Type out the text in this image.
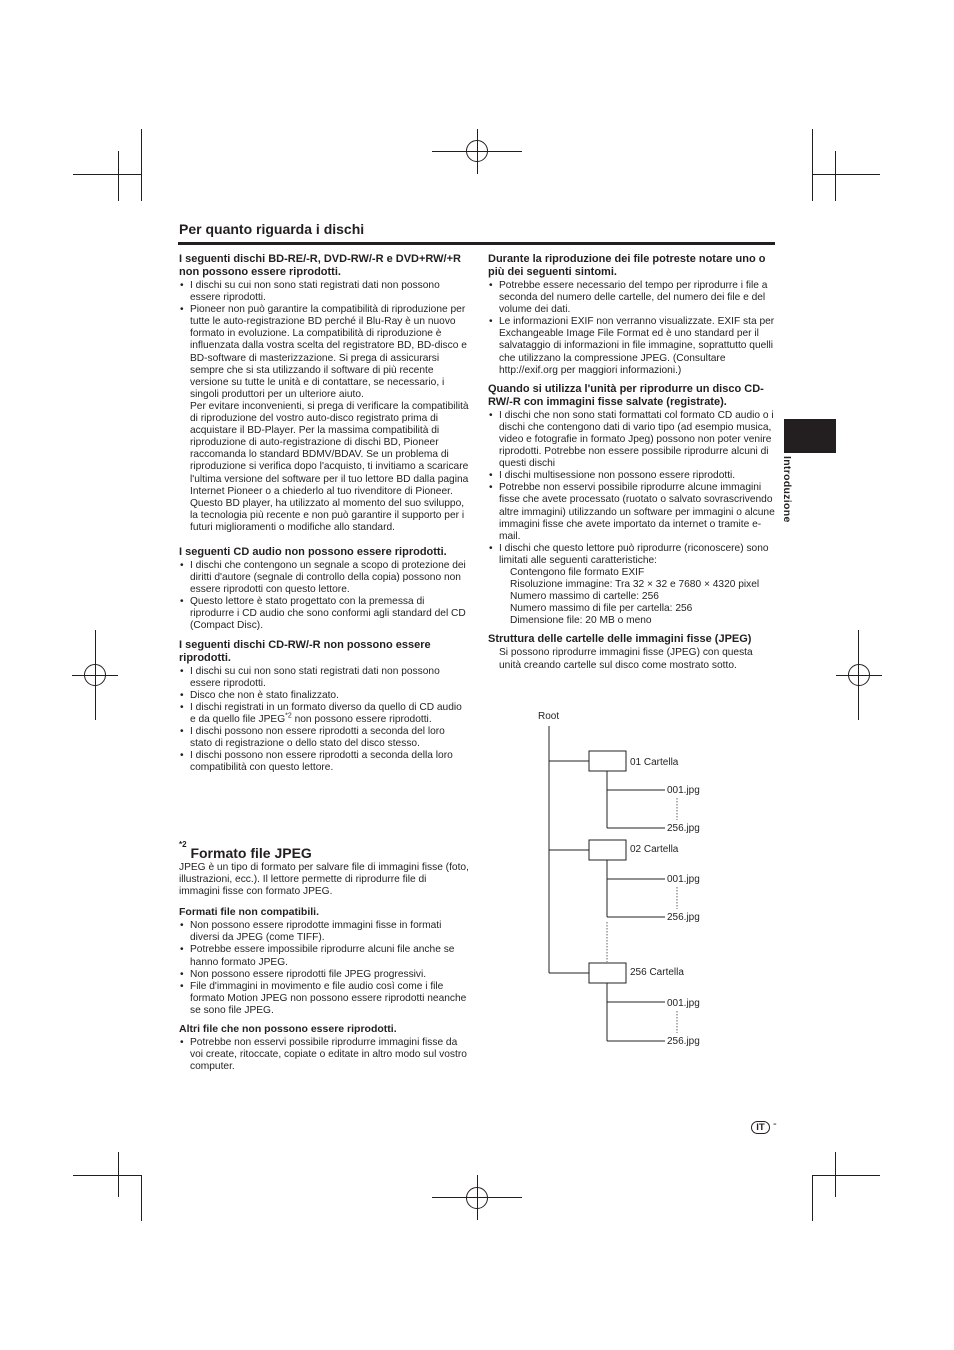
Per quanto riguarda i dischi
Introduzione
I seguenti dischi BD-RE/-R, DVD-RW/-R e DVD+RW/+R non possono essere riprodotti.
• I dischi su cui non sono stati registrati dati non possono essere riprodotti.

• Pioneer non può garantire la compatibilità di riproduzione per tutte le auto-registrazione BD perché il Blu-Ray è un nuovo formato in evoluzione. La compatibilità di riproduzione è influenzata dalla vostra scelta del registratore BD, BD-disco e BD-software di masterizzazione. Si prega di assicurarsi sempre che si sta utilizzando il software di più recente versione su tutte le unità e di contattare, se necessario, i singoli produttori per un ulteriore aiuto.

Per evitare inconvenienti, si prega di verificare la compatibilità di riproduzione del vostro auto-disco registrato prima di acquistare il BD-Player. Per la massima compatibilità di riproduzione di auto-registrazione di dischi BD, Pioneer raccomanda lo standard BDMV/BDAV. Se un problema di riproduzione si verifica dopo l'acquisto, ti invitiamo a scaricare l'ultima versione del software per il tuo lettore BD dalla pagina Internet Pioneer o a chiederlo al tuo rivenditore di Pioneer.

Questo BD player, ha utilizzato al momento del suo sviluppo, la tecnologia più recente e non può garantire il supporto per i futuri miglioramenti o modifiche allo standard.

I seguenti CD audio non possono essere riprodotti.
• I dischi che contengono un segnale a scopo di protezione dei diritti d'autore (segnale di controllo della copia) possono non essere riprodotti con questo lettore.
• Questo lettore è stato progettato con la premessa di riprodurre i CD audio che sono conformi agli standard del CD (Compact Disc).
I seguenti dischi CD-RW/-R non possono essere riprodotti.
• I dischi su cui non sono stati registrati dati non possono essere riprodotti.
• Disco che non è stato finalizzato.
• I dischi registrati in un formato diverso da quello di CD audio e da quello file JPEG$^{*2}$ non possono essere riprodotti.
• I dischi possono non essere riprodotti a seconda del loro stato di registrazione o dello stato del disco stesso.
• I dischi possono non essere riprodotti a seconda della loro compatibilità con questo lettore.
$^{*2}$ Formato file JPEG

JPEG è un tipo di formato per salvare file di immagini fisse (foto, illustrazioni, ecc.). Il lettore permette di riprodurre file di immagini fisse con formato JPEG.

Formati file non compatibili.
• Non possono essere riprodotte immagini fisse in formati diversi da JPEG (come TIFF).
• Potrebbe essere impossibile riprodurre alcuni file anche se hanno formato JPEG.
• Non possono essere riprodotti file JPEG progressivi.
• File d'immagini in movimento e file audio così come i file formato Motion JPEG non possono essere riprodotti neanche se sono file JPEG.
Altri file che non possono essere riprodotti.
• Potrebbe non esservi possibile riprodurre immagini fisse da voi create, ritoccate, copiate o editate in altro modo sul vostro computer.
Durante la riproduzione dei file potreste notare uno o più dei seguenti sintomi.
• Potrebbe essere necessario del tempo per riprodurre i file a seconda del numero delle cartelle, del numero dei file e del volume dei dati.
• Le informazioni EXIF non verranno visualizzate. EXIF sta per Exchangeable Image File Format ed è uno standard per il salvataggio di informazioni in file immagine, soprattutto quelli che utilizzano la compressione JPEG. (Consultare http://exif.org per maggiori informazioni.)
Quando si utilizza l'unità per riprodurre un disco CD-RW/-R con immagini fisse salvate (registrate).
• I dischi che non sono stati formattati col formato CD audio o i dischi che contengono dati di vario tipo (ad esempio musica, video e fotografie in formato Jpeg) possono non poter venire riprodotti. Potrebbe non essere possibile riprodurre alcuni di questi dischi
• I dischi multisessione non possono essere riprodotti.
• Potrebbe non esservi possibile riprodurre alcune immagini fisse che avete processato (ruotato o salvato sovrascrivendo altre immagini) utilizzando un software per immagini o alcune immagini fisse che avete importato da internet o tramite e-mail.

• I dischi che questo lettore può riprodurre (riconoscere) sono limitati alle seguenti caratteristiche:

Contengono file formato EXIF

Risoluzione immagine: Tra 32 × 32 e 7680 × 4320 pixel

Numero massimo di cartelle: 256

Numero massimo di file per cartella: 256

Dimensione file: 20 MB o meno

Struttura delle cartelle delle immagini fisse (JPEG)

Si possono riprodurre immagini fisse (JPEG) con questa unità creando cartelle sul disco come mostrato sotto.

Root
01 Cartella
001.jpg
256.jpg
02 Cartella
001.jpg
256.jpg
256 Cartella
001.jpg
256.jpg
IT -
